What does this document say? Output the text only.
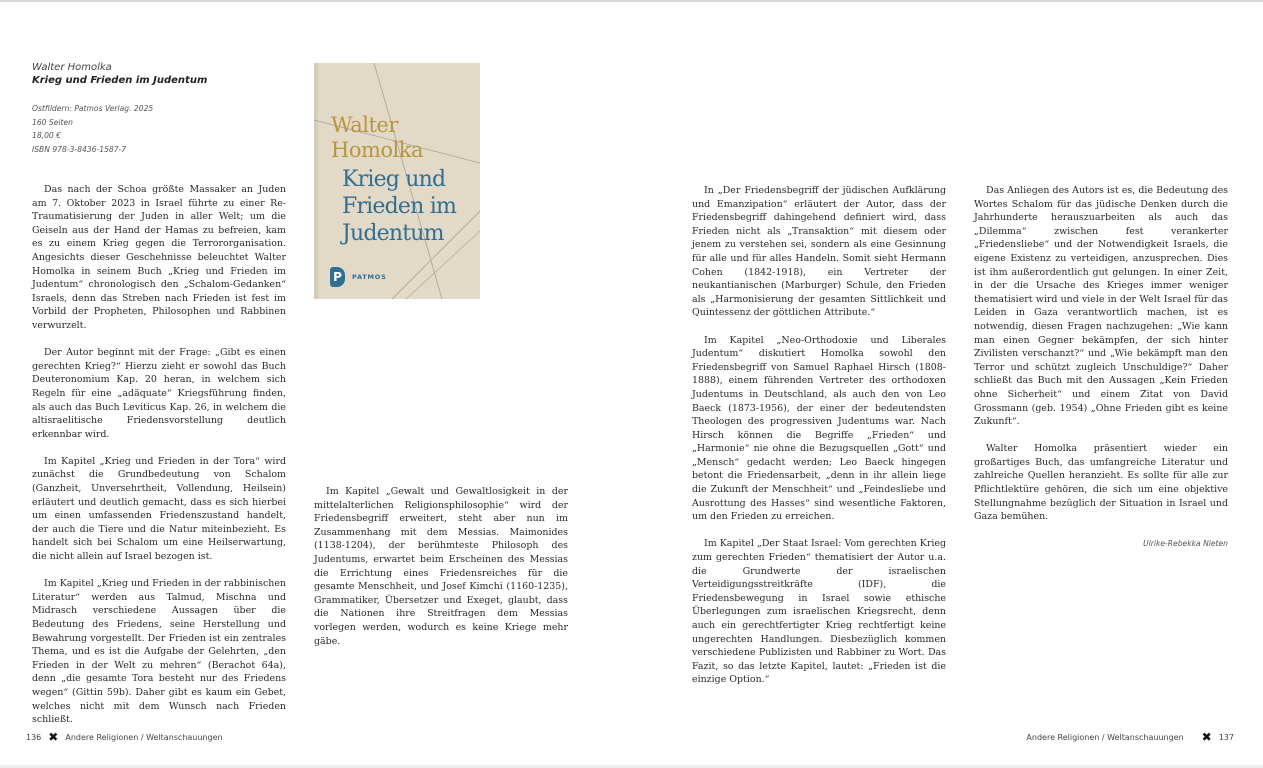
Walter Homolka
Krieg und Frieden im Judentum
Ostfildern: Patmos Verlag. 2025
160 Seiten
18,00 €
ISBN 978-3-8436-1587-7
Walter
Homolka
Krieg und
Frieden im
Judentum
P	PATMOS

Das nach der Schoa größte Massaker an Juden am 7. Oktober 2023 in Israel führte zu einer Re-Traumatisierung der Juden in aller Welt; um die Geiseln aus der Hand der Hamas zu befreien, kam es zu einem Krieg gegen die Terrororganisation. Angesichts dieser Geschehnisse beleuchtet Walter Homolka in seinem Buch „Krieg und Frieden im Judentum“ chronologisch den „Schalom-Gedanken“ Israels, denn das Streben nach Frieden ist fest im Vorbild der Propheten, Philosophen und Rabbinen verwurzelt.

Der Autor beginnt mit der Frage: „Gibt es einen gerechten Krieg?“ Hierzu zieht er sowohl das Buch Deuteronomium Kap. 20 heran, in welchem sich Regeln für eine „adäquate“ Kriegsführung finden, als auch das Buch Leviticus Kap. 26, in welchem die altisraelitische Friedensvorstellung deutlich erkennbar wird.

Im Kapitel „Krieg und Frieden in der Tora“ wird zunächst die Grundbedeutung von Schalom (Ganzheit, Unversehrtheit, Vollendung, Heilsein) erläutert und deutlich gemacht, dass es sich hierbei um einen umfassenden Friedenszustand handelt, der auch die Tiere und die Natur miteinbezieht. Es handelt sich bei Schalom um eine Heilserwartung, die nicht allein auf Israel bezogen ist.

Im Kapitel „Krieg und Frieden in der rabbinischen Literatur“ werden aus Talmud, Mischna und Midrasch verschiedene Aussagen über die Bedeutung des Friedens, seine Herstellung und Bewahrung vorgestellt. Der Frieden ist ein zentrales Thema, und es ist die Aufgabe der Gelehrten, „den Frieden in der Welt zu mehren“ (Berachot 64a), denn „die gesamte Tora besteht nur des Friedens wegen“ (Gittin 59b). Daher gibt es kaum ein Gebet, welches nicht mit dem Wunsch nach Frieden schließt.

Im Kapitel „Gewalt und Gewaltlosigkeit in der mittelalterlichen Religionsphilosophie“ wird der Friedensbegriff erweitert, steht aber nun im Zusammenhang mit dem Messias. Maimonides (1138-1204), der berühmteste Philosoph des Judentums, erwartet beim Erscheinen des Messias die Errichtung eines Friedensreiches für die gesamte Menschheit, und Josef Kimchi (1160-1235), Grammatiker, Übersetzer und Exeget, glaubt, dass die Nationen ihre Streitfragen dem Messias vorlegen werden, wodurch es keine Kriege mehr gäbe.

In „Der Friedensbegriff der jüdischen Aufklärung und Emanzipation“ erläutert der Autor, dass der Friedensbegriff dahingehend definiert wird, dass Frieden nicht als „Transaktion“ mit diesem oder jenem zu verstehen sei, sondern als eine Gesinnung für alle und für alles Handeln. Somit sieht Hermann Cohen (1842-1918), ein Vertreter der neukantianischen (Marburger) Schule, den Frieden als „Harmonisierung der gesamten Sittlichkeit und Quintessenz der göttlichen Attribute.“

Im Kapitel „Neo-Orthodoxie und Liberales Judentum“ diskutiert Homolka sowohl den Friedensbegriff von Samuel Raphael Hirsch (1808-1888), einem führenden Vertreter des orthodoxen Judentums in Deutschland, als auch den von Leo Baeck (1873-1956), der einer der bedeutendsten Theologen des progressiven Judentums war. Nach Hirsch können die Begriffe „Frieden“ und „Harmonie“ nie ohne die Bezugsquellen „Gott“ und „Mensch“ gedacht werden; Leo Baeck hingegen betont die Friedensarbeit, „denn in ihr allein liege die Zukunft der Menschheit“ und „Feindesliebe und Ausrottung des Hasses“ sind wesentliche Faktoren, um den Frieden zu erreichen.

Im Kapitel „Der Staat Israel: Vom gerechten Krieg zum gerechten Frieden“ thematisiert der Autor u.a. die Grundwerte der israelischen Verteidigungsstreitkräfte (IDF), die Friedensbewegung in Israel sowie ethische Überlegungen zum israelischen Kriegsrecht, denn auch ein gerechtfertigter Krieg rechtfertigt keine ungerechten Handlungen. Diesbezüglich kommen verschiedene Publizisten und Rabbiner zu Wort. Das Fazit, so das letzte Kapitel, lautet: „Frieden ist die einzige Option.“

Das Anliegen des Autors ist es, die Bedeutung des Wortes Schalom für das jüdische Denken durch die Jahrhunderte herauszuarbeiten als auch das „Dilemma“ zwischen fest verankerter „Friedensliebe“ und der Notwendigkeit Israels, die eigene Existenz zu verteidigen, anzusprechen. Dies ist ihm außerordentlich gut gelungen. In einer Zeit, in der die Ursache des Krieges immer weniger thematisiert wird und viele in der Welt Israel für das Leiden in Gaza verantwortlich machen, ist es notwendig, diesen Fragen nachzugehen: „Wie kann man einen Gegner bekämpfen, der sich hinter Zivilisten verschanzt?“ und „Wie bekämpft man den Terror und schützt zugleich Unschuldige?“ Daher schließt das Buch mit den Aussagen „Kein Frieden ohne Sicherheit“ und einem Zitat von David Grossmann (geb. 1954) „Ohne Frieden gibt es keine Zukunft“.

Walter Homolka präsentiert wieder ein großartiges Buch, das umfangreiche Literatur und zahlreiche Quellen heranzieht. Es sollte für alle zur Pflichtlektüre gehören, die sich um eine objektive Stellungnahme bezüglich der Situation in Israel und Gaza bemühen.

Ulrike-Rebekka Nieten

136 ✖ Andere Religionen / Weltanschauungen	Andere Religionen / Weltanschauungen ✖ 137
